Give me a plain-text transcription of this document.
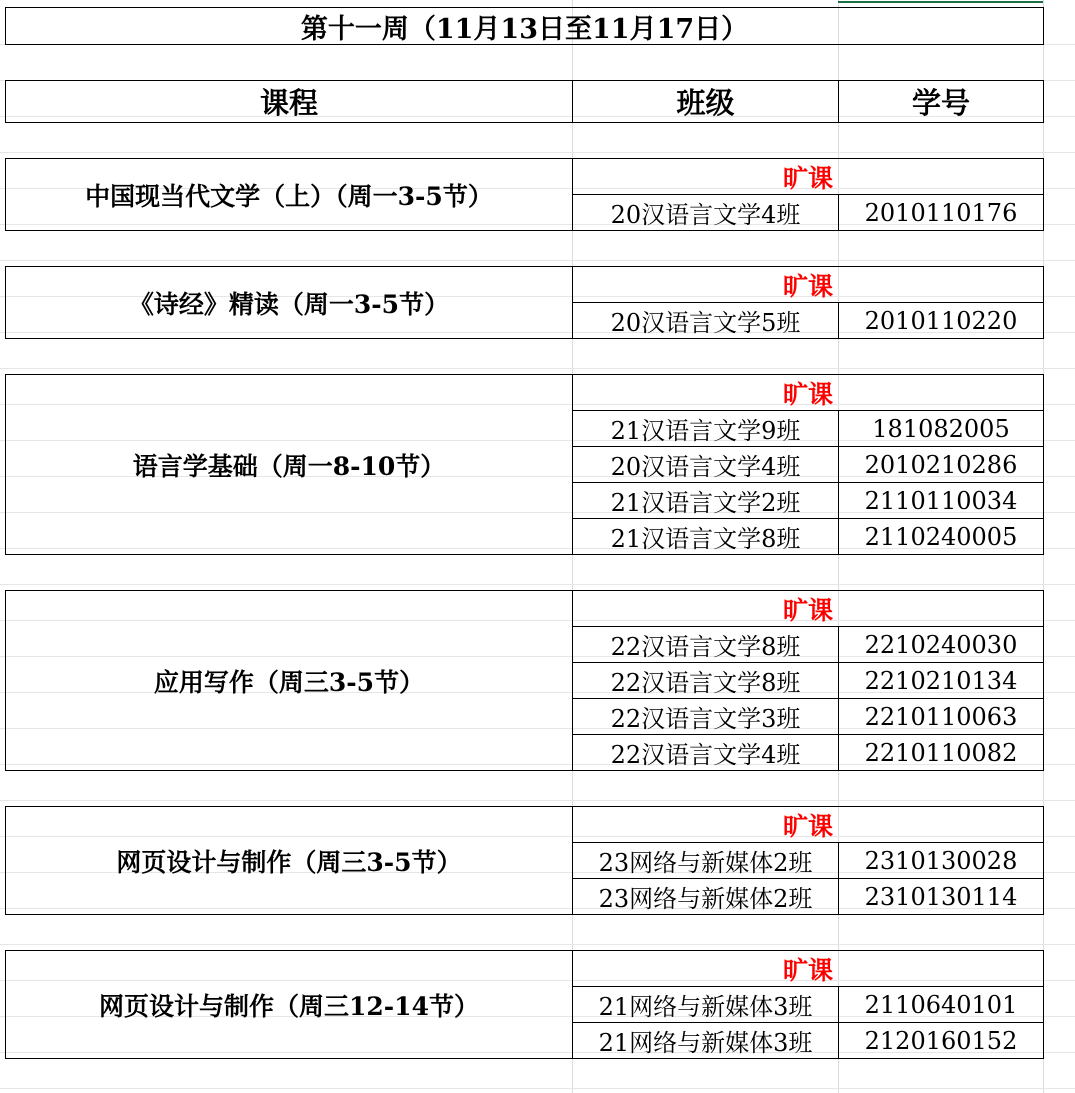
第十一周（11月13日至11月17日）
课程	班级	学号
中国现当代文学（上）（周一3-5节）
旷课
20汉语言文学4班	2010110176
《诗经》精读（周一3-5节）
旷课
20汉语言文学5班	2010110220
语言学基础（周一8-10节）
旷课
21汉语言文学9班	181082005
20汉语言文学4班	2010210286
21汉语言文学2班	2110110034
21汉语言文学8班	2110240005
应用写作（周三3-5节）
旷课
22汉语言文学8班	2210240030
22汉语言文学8班	2210210134
22汉语言文学3班	2210110063
22汉语言文学4班	2210110082
网页设计与制作（周三3-5节）
旷课
23网络与新媒体2班 2310130028
23网络与新媒体2班 2310130114
网页设计与制作（周三12-14节）
旷课
21网络与新媒体3班 2110640101
21网络与新媒体3班 2120160152
